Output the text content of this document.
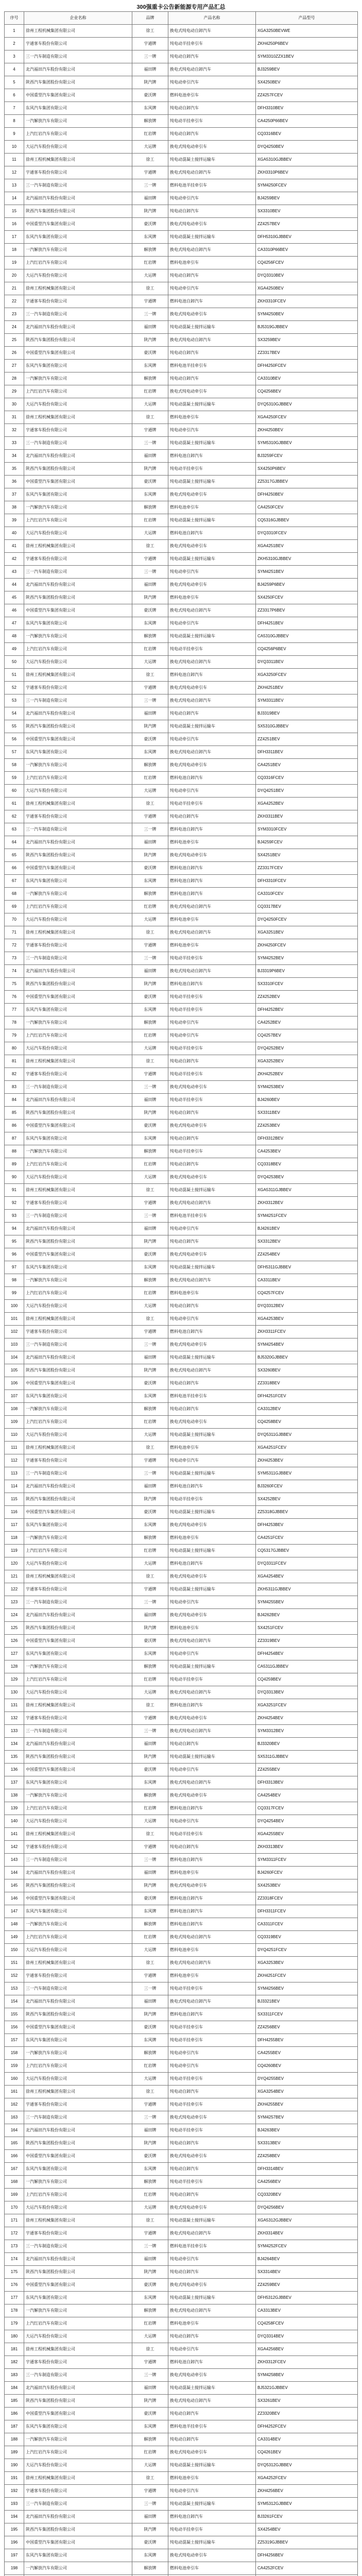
300强重卡公告新能源专用产品汇总
序号	企业名称	品牌	产品名称	产品型号
1	徐州工程机械集团有限公司	徐工	换电式纯电动自卸汽车	XGA3250BEVWE
2	宇通客车股份有限公司	宇通牌	纯电动半挂牵引车	ZKH4250P6BEV
3	三一汽车制造有限公司	三一牌	纯电动自卸汽车	SYM3310ZZX1BEV
4	北汽福田汽车股份有限公司	福田牌	换电式纯电动自卸汽车	BJ3259BEV
5	陕西汽车集团股份有限公司	陕汽牌	纯电动牵引汽车	SX4250BEV
6	中国重型汽车集团有限公司	豪沃牌	燃料电池牵引车	ZZ4257FCEV
7	东风汽车集团有限公司	东风牌	纯电动自卸汽车	DFH3310BEV
8	一汽解放汽车有限公司	解放牌	纯电动半挂牵引车	CA4250P66BEV
9	上汽红岩汽车有限公司	红岩牌	纯电动自卸汽车	CQ3316BEV
10	大运汽车股份有限公司	大运牌	换电式纯电动牵引车	DYQ4250BEV
11	徐州工程机械集团有限公司	徐工	纯电动混凝土搅拌运输车	XGA5310GJBBEV
12	宇通客车股份有限公司	宇通牌	换电式纯电动自卸汽车	ZKH3310P6BEV
13	三一汽车制造有限公司	三一牌	燃料电池半挂牵引车	SYM4250FCEV
14	北汽福田汽车股份有限公司	福田牌	纯电动牵引汽车	BJ4259BEV
15	陕西汽车集团股份有限公司	陕汽牌	纯电动自卸汽车	SX3310BEV
16	中国重型汽车集团有限公司	豪沃牌	换电式纯电动牵引车	ZZ4257BEV
17	东风汽车集团有限公司	东风牌	纯电动混凝土搅拌运输车	DFH5310GJBBEV
18	一汽解放汽车有限公司	解放牌	换电式纯电动自卸汽车	CA3310P66BEV
19	上汽红岩汽车有限公司	红岩牌	燃料电池牵引车	CQ4256FCEV
20	大运汽车股份有限公司	大运牌	纯电动自卸汽车	DYQ3310BEV
21	徐州工程机械集团有限公司	徐工	纯电动牵引汽车	XGA4250BEV
22	宇通客车股份有限公司	宇通牌	燃料电池自卸汽车	ZKH3310FCEV
23	三一汽车制造有限公司	三一牌	换电式纯电动牵引车	SYM4250BEV
24	北汽福田汽车股份有限公司	福田牌	纯电动混凝土搅拌运输车	BJ5319GJBBEV
25	陕西汽车集团股份有限公司	陕汽牌	换电式纯电动自卸汽车	SX3259BEV
26	中国重型汽车集团有限公司	豪沃牌	纯电动自卸汽车	ZZ3317BEV
27	东风汽车集团有限公司	东风牌	燃料电池半挂牵引车	DFH4250FCEV
28	一汽解放汽车有限公司	解放牌	纯电动自卸汽车	CA3310BEV
29	上汽红岩汽车有限公司	红岩牌	换电式纯电动牵引车	CQ4256BEV
30	大运汽车股份有限公司	大运牌	纯电动混凝土搅拌运输车	DYQ5310GJBBEV
31	徐州工程机械集团有限公司	徐工	燃料电池牵引车	XGA4250FCEV
32	宇通客车股份有限公司	宇通牌	纯电动牵引汽车	ZKH4250BEV
33	三一汽车制造有限公司	三一牌	纯电动混凝土搅拌运输车	SYM5310GJBBEV
34	北汽福田汽车股份有限公司	福田牌	燃料电池自卸汽车	BJ3259FCEV
35	陕西汽车集团股份有限公司	陕汽牌	纯电动半挂牵引车	SX4250P6BEV
36	中国重型汽车集团有限公司	豪沃牌	纯电动混凝土搅拌运输车	ZZ5317GJBBEV
37	东风汽车集团有限公司	东风牌	换电式纯电动牵引车	DFH4250BEV
38	一汽解放汽车有限公司	解放牌	燃料电池牵引车	CA4250FCEV
39	上汽红岩汽车有限公司	红岩牌	纯电动混凝土搅拌运输车	CQ5316GJBBEV
40	大运汽车股份有限公司	大运牌	燃料电池自卸汽车	DYQ3310FCEV
41	徐州工程机械集团有限公司	徐工	换电式纯电动牵引车	XGA4251BEV
42	宇通客车股份有限公司	宇通牌	纯电动混凝土搅拌运输车	ZKH5310GJBBEV
43	三一汽车制造有限公司	三一牌	纯电动牵引汽车	SYM4251BEV
44	北汽福田汽车股份有限公司	福田牌	换电式纯电动牵引车	BJ4259P6BEV
45	陕西汽车集团股份有限公司	陕汽牌	燃料电池牵引车	SX4250FCEV
46	中国重型汽车集团有限公司	豪沃牌	换电式纯电动自卸汽车	ZZ3317P6BEV
47	东风汽车集团有限公司	东风牌	纯电动牵引汽车	DFH4251BEV
48	一汽解放汽车有限公司	解放牌	纯电动混凝土搅拌运输车	CA5310GJBBEV
49	上汽红岩汽车有限公司	红岩牌	纯电动半挂牵引车	CQ4256P6BEV
50	大运汽车股份有限公司	大运牌	换电式纯电动自卸汽车	DYQ3311BEV
51	徐州工程机械集团有限公司	徐工	燃料电池自卸汽车	XGA3250FCEV
52	宇通客车股份有限公司	宇通牌	换电式纯电动牵引车	ZKH4251BEV
53	三一汽车制造有限公司	三一牌	换电式纯电动自卸汽车	SYM3311BEV
54	北汽福田汽车股份有限公司	福田牌	纯电动自卸汽车	BJ3319BEV
55	陕西汽车集团股份有限公司	陕汽牌	纯电动混凝土搅拌运输车	SX5310GJBBEV
56	中国重型汽车集团有限公司	豪沃牌	纯电动牵引汽车	ZZ4251BEV
57	东风汽车集团有限公司	东风牌	换电式纯电动自卸汽车	DFH3311BEV
58	一汽解放汽车有限公司	解放牌	换电式纯电动牵引车	CA4251BEV
59	上汽红岩汽车有限公司	红岩牌	燃料电池自卸汽车	CQ3316FCEV
60	大运汽车股份有限公司	大运牌	纯电动牵引汽车	DYQ4251BEV
61	徐州工程机械集团有限公司	徐工	纯电动半挂牵引车	XGA4252BEV
62	宇通客车股份有限公司	宇通牌	纯电动自卸汽车	ZKH3311BEV
63	三一汽车制造有限公司	三一牌	燃料电池自卸汽车	SYM3310FCEV
64	北汽福田汽车股份有限公司	福田牌	燃料电池牵引车	BJ4259FCEV
65	陕西汽车集团股份有限公司	陕汽牌	换电式纯电动牵引车	SX4251BEV
66	中国重型汽车集团有限公司	豪沃牌	燃料电池自卸汽车	ZZ3317FCEV
67	东风汽车集团有限公司	东风牌	燃料电池自卸汽车	DFH3310FCEV
68	一汽解放汽车有限公司	解放牌	燃料电池自卸汽车	CA3310FCEV
69	上汽红岩汽车有限公司	红岩牌	换电式纯电动自卸汽车	CQ3317BEV
70	大运汽车股份有限公司	大运牌	燃料电池牵引车	DYQ4250FCEV
71	徐州工程机械集团有限公司	徐工	换电式纯电动自卸汽车	XGA3251BEV
72	宇通客车股份有限公司	宇通牌	燃料电池牵引车	ZKH4250FCEV
73	三一汽车制造有限公司	三一牌	纯电动半挂牵引车	SYM4252BEV
74	北汽福田汽车股份有限公司	福田牌	换电式纯电动自卸汽车	BJ3319P6BEV
75	陕西汽车集团股份有限公司	陕汽牌	燃料电池自卸汽车	SX3310FCEV
76	中国重型汽车集团有限公司	豪沃牌	纯电动半挂牵引车	ZZ4252BEV
77	东风汽车集团有限公司	东风牌	纯电动半挂牵引车	DFH4252BEV
78	一汽解放汽车有限公司	解放牌	纯电动牵引汽车	CA4252BEV
79	上汽红岩汽车有限公司	红岩牌	纯电动牵引汽车	CQ4257BEV
80	大运汽车股份有限公司	大运牌	纯电动半挂牵引车	DYQ4252BEV
81	徐州工程机械集团有限公司	徐工	纯电动自卸汽车	XGA3252BEV
82	宇通客车股份有限公司	宇通牌	纯电动半挂牵引车	ZKH4252BEV
83	三一汽车制造有限公司	三一牌	换电式纯电动牵引车	SYM4253BEV
84	北汽福田汽车股份有限公司	福田牌	纯电动半挂牵引车	BJ4260BEV
85	陕西汽车集团股份有限公司	陕汽牌	纯电动自卸汽车	SX3311BEV
86	中国重型汽车集团有限公司	豪沃牌	换电式纯电动牵引车	ZZ4253BEV
87	东风汽车集团有限公司	东风牌	纯电动自卸汽车	DFH3312BEV
88	一汽解放汽车有限公司	解放牌	纯电动半挂牵引车	CA4253BEV
89	上汽红岩汽车有限公司	红岩牌	纯电动自卸汽车	CQ3318BEV
90	大运汽车股份有限公司	大运牌	换电式纯电动牵引车	DYQ4253BEV
91	徐州工程机械集团有限公司	徐工	纯电动混凝土搅拌运输车	XGA5311GJBBEV
92	宇通客车股份有限公司	宇通牌	换电式纯电动自卸汽车	ZKH3312BEV
93	三一汽车制造有限公司	三一牌	燃料电池半挂牵引车	SYM4251FCEV
94	北汽福田汽车股份有限公司	福田牌	纯电动牵引汽车	BJ4261BEV
95	陕西汽车集团股份有限公司	陕汽牌	纯电动自卸汽车	SX3312BEV
96	中国重型汽车集团有限公司	豪沃牌	换电式纯电动牵引车	ZZ4254BEV
97	东风汽车集团有限公司	东风牌	纯电动混凝土搅拌运输车	DFH5311GJBBEV
98	一汽解放汽车有限公司	解放牌	换电式纯电动自卸汽车	CA3311BEV
99	上汽红岩汽车有限公司	红岩牌	燃料电池牵引车	CQ4257FCEV
100	大运汽车股份有限公司	大运牌	纯电动自卸汽车	DYQ3312BEV
101	徐州工程机械集团有限公司	徐工	纯电动牵引汽车	XGA4253BEV
102	宇通客车股份有限公司	宇通牌	燃料电池自卸汽车	ZKH3311FCEV
103	三一汽车制造有限公司	三一牌	换电式纯电动牵引车	SYM4254BEV
104	北汽福田汽车股份有限公司	福田牌	纯电动混凝土搅拌运输车	BJ5320GJBBEV
105	陕西汽车集团股份有限公司	陕汽牌	换电式纯电动自卸汽车	SX3260BEV
106	中国重型汽车集团有限公司	豪沃牌	纯电动自卸汽车	ZZ3318BEV
107	东风汽车集团有限公司	东风牌	燃料电池半挂牵引车	DFH4251FCEV
108	一汽解放汽车有限公司	解放牌	纯电动自卸汽车	CA3312BEV
109	上汽红岩汽车有限公司	红岩牌	换电式纯电动牵引车	CQ4258BEV
110	大运汽车股份有限公司	大运牌	纯电动混凝土搅拌运输车	DYQ5311GJBBEV
111	徐州工程机械集团有限公司	徐工	燃料电池牵引车	XGA4251FCEV
112	宇通客车股份有限公司	宇通牌	纯电动牵引汽车	ZKH4253BEV
113	三一汽车制造有限公司	三一牌	纯电动混凝土搅拌运输车	SYM5311GJBBEV
114	北汽福田汽车股份有限公司	福田牌	燃料电池自卸汽车	BJ3260FCEV
115	陕西汽车集团股份有限公司	陕汽牌	纯电动半挂牵引车	SX4252BEV
116	中国重型汽车集团有限公司	豪沃牌	纯电动混凝土搅拌运输车	ZZ5318GJBBEV
117	东风汽车集团有限公司	东风牌	换电式纯电动牵引车	DFH4253BEV
118	一汽解放汽车有限公司	解放牌	燃料电池牵引车	CA4251FCEV
119	上汽红岩汽车有限公司	红岩牌	纯电动混凝土搅拌运输车	CQ5317GJBBEV
120	大运汽车股份有限公司	大运牌	燃料电池自卸汽车	DYQ3311FCEV
121	徐州工程机械集团有限公司	徐工	换电式纯电动牵引车	XGA4254BEV
122	宇通客车股份有限公司	宇通牌	纯电动混凝土搅拌运输车	ZKH5311GJBBEV
123	三一汽车制造有限公司	三一牌	纯电动牵引汽车	SYM4255BEV
124	北汽福田汽车股份有限公司	福田牌	换电式纯电动牵引车	BJ4262BEV
125	陕西汽车集团股份有限公司	陕汽牌	燃料电池牵引车	SX4251FCEV
126	中国重型汽车集团有限公司	豪沃牌	换电式纯电动自卸汽车	ZZ3319BEV
127	东风汽车集团有限公司	东风牌	纯电动牵引汽车	DFH4254BEV
128	一汽解放汽车有限公司	解放牌	纯电动混凝土搅拌运输车	CA5311GJBBEV
129	上汽红岩汽车有限公司	红岩牌	纯电动半挂牵引车	CQ4259BEV
130	大运汽车股份有限公司	大运牌	换电式纯电动自卸汽车	DYQ3313BEV
131	徐州工程机械集团有限公司	徐工	燃料电池自卸汽车	XGA3251FCEV
132	宇通客车股份有限公司	宇通牌	换电式纯电动牵引车	ZKH4254BEV
133	三一汽车制造有限公司	三一牌	换电式纯电动自卸汽车	SYM3312BEV
134	北汽福田汽车股份有限公司	福田牌	纯电动自卸汽车	BJ3320BEV
135	陕西汽车集团股份有限公司	陕汽牌	纯电动混凝土搅拌运输车	SX5311GJBBEV
136	中国重型汽车集团有限公司	豪沃牌	纯电动牵引汽车	ZZ4255BEV
137	东风汽车集团有限公司	东风牌	换电式纯电动自卸汽车	DFH3313BEV
138	一汽解放汽车有限公司	解放牌	换电式纯电动牵引车	CA4254BEV
139	上汽红岩汽车有限公司	红岩牌	燃料电池自卸汽车	CQ3317FCEV
140	大运汽车股份有限公司	大运牌	纯电动牵引汽车	DYQ4254BEV
141	徐州工程机械集团有限公司	徐工	纯电动半挂牵引车	XGA4255BEV
142	宇通客车股份有限公司	宇通牌	纯电动自卸汽车	ZKH3313BEV
143	三一汽车制造有限公司	三一牌	燃料电池自卸汽车	SYM3311FCEV
144	北汽福田汽车股份有限公司	福田牌	燃料电池牵引车	BJ4260FCEV
145	陕西汽车集团股份有限公司	陕汽牌	换电式纯电动牵引车	SX4253BEV
146	中国重型汽车集团有限公司	豪沃牌	燃料电池自卸汽车	ZZ3318FCEV
147	东风汽车集团有限公司	东风牌	燃料电池自卸汽车	DFH3311FCEV
148	一汽解放汽车有限公司	解放牌	燃料电池自卸汽车	CA3311FCEV
149	上汽红岩汽车有限公司	红岩牌	换电式纯电动自卸汽车	CQ3319BEV
150	大运汽车股份有限公司	大运牌	燃料电池牵引车	DYQ4251FCEV
151	徐州工程机械集团有限公司	徐工	换电式纯电动自卸汽车	XGA3253BEV
152	宇通客车股份有限公司	宇通牌	燃料电池牵引车	ZKH4251FCEV
153	三一汽车制造有限公司	三一牌	纯电动半挂牵引车	SYM4256BEV
154	北汽福田汽车股份有限公司	福田牌	换电式纯电动自卸汽车	BJ3321BEV
155	陕西汽车集团股份有限公司	陕汽牌	燃料电池自卸汽车	SX3311FCEV
156	中国重型汽车集团有限公司	豪沃牌	纯电动半挂牵引车	ZZ4256BEV
157	东风汽车集团有限公司	东风牌	纯电动半挂牵引车	DFH4255BEV
158	一汽解放汽车有限公司	解放牌	纯电动牵引汽车	CA4255BEV
159	上汽红岩汽车有限公司	红岩牌	纯电动牵引汽车	CQ4260BEV
160	大运汽车股份有限公司	大运牌	纯电动半挂牵引车	DYQ4255BEV
161	徐州工程机械集团有限公司	徐工	纯电动自卸汽车	XGA3254BEV
162	宇通客车股份有限公司	宇通牌	纯电动半挂牵引车	ZKH4255BEV
163	三一汽车制造有限公司	三一牌	换电式纯电动牵引车	SYM4257BEV
164	北汽福田汽车股份有限公司	福田牌	纯电动半挂牵引车	BJ4263BEV
165	陕西汽车集团股份有限公司	陕汽牌	纯电动自卸汽车	SX3313BEV
166	中国重型汽车集团有限公司	豪沃牌	换电式纯电动牵引车	ZZ4258BEV
167	东风汽车集团有限公司	东风牌	纯电动自卸汽车	DFH3314BEV
168	一汽解放汽车有限公司	解放牌	纯电动半挂牵引车	CA4256BEV
169	上汽红岩汽车有限公司	红岩牌	纯电动自卸汽车	CQ3320BEV
170	大运汽车股份有限公司	大运牌	换电式纯电动牵引车	DYQ4256BEV
171	徐州工程机械集团有限公司	徐工	纯电动混凝土搅拌运输车	XGA5312GJBBEV
172	宇通客车股份有限公司	宇通牌	换电式纯电动自卸汽车	ZKH3314BEV
173	三一汽车制造有限公司	三一牌	燃料电池半挂牵引车	SYM4252FCEV
174	北汽福田汽车股份有限公司	福田牌	纯电动牵引汽车	BJ4264BEV
175	陕西汽车集团股份有限公司	陕汽牌	纯电动自卸汽车	SX3314BEV
176	中国重型汽车集团有限公司	豪沃牌	换电式纯电动牵引车	ZZ4259BEV
177	东风汽车集团有限公司	东风牌	纯电动混凝土搅拌运输车	DFH5312GJBBEV
178	一汽解放汽车有限公司	解放牌	换电式纯电动自卸汽车	CA3313BEV
179	上汽红岩汽车有限公司	红岩牌	燃料电池牵引车	CQ4258FCEV
180	大运汽车股份有限公司	大运牌	纯电动自卸汽车	DYQ3314BEV
181	徐州工程机械集团有限公司	徐工	纯电动牵引汽车	XGA4256BEV
182	宇通客车股份有限公司	宇通牌	燃料电池自卸汽车	ZKH3312FCEV
183	三一汽车制造有限公司	三一牌	换电式纯电动牵引车	SYM4258BEV
184	北汽福田汽车股份有限公司	福田牌	纯电动混凝土搅拌运输车	BJ5321GJBBEV
185	陕西汽车集团股份有限公司	陕汽牌	换电式纯电动自卸汽车	SX3261BEV
186	中国重型汽车集团有限公司	豪沃牌	纯电动自卸汽车	ZZ3320BEV
187	东风汽车集团有限公司	东风牌	燃料电池半挂牵引车	DFH4252FCEV
188	一汽解放汽车有限公司	解放牌	纯电动自卸汽车	CA3314BEV
189	上汽红岩汽车有限公司	红岩牌	换电式纯电动牵引车	CQ4261BEV
190	大运汽车股份有限公司	大运牌	纯电动混凝土搅拌运输车	DYQ5312GJBBEV
191	徐州工程机械集团有限公司	徐工	燃料电池牵引车	XGA4252FCEV
192	宇通客车股份有限公司	宇通牌	纯电动牵引汽车	ZKH4256BEV
193	三一汽车制造有限公司	三一牌	纯电动混凝土搅拌运输车	SYM5312GJBBEV
194	北汽福田汽车股份有限公司	福田牌	燃料电池自卸汽车	BJ3261FCEV
195	陕西汽车集团股份有限公司	陕汽牌	纯电动半挂牵引车	SX4254BEV
196	中国重型汽车集团有限公司	豪沃牌	纯电动混凝土搅拌运输车	ZZ5319GJBBEV
197	东风汽车集团有限公司	东风牌	换电式纯电动牵引车	DFH4256BEV
198	一汽解放汽车有限公司	解放牌	燃料电池牵引车	CA4252FCEV
